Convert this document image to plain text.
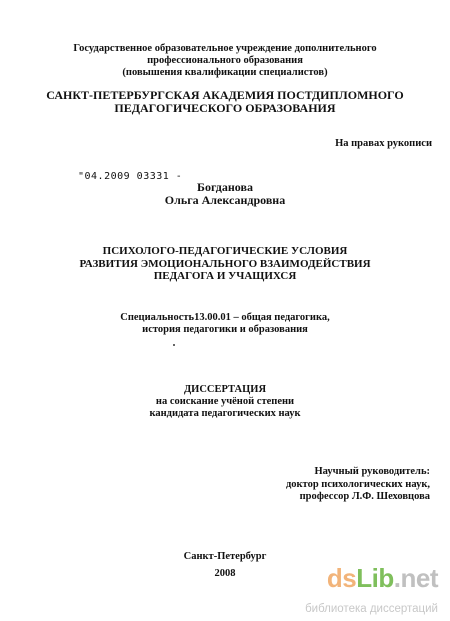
Государственное образовательное учреждение дополнительного
профессионального образования
(повышения квалификации специалистов)
САНКТ-ПЕТЕРБУРГСКАЯ АКАДЕМИЯ ПОСТДИПЛОМНОГО
ПЕДАГОГИЧЕСКОГО ОБРАЗОВАНИЯ
На правах рукописи
"04.2009 03331 -
Богданова
Ольга Александровна
ПСИХОЛОГО-ПЕДАГОГИЧЕСКИЕ УСЛОВИЯ
РАЗВИТИЯ ЭМОЦИОНАЛЬНОГО ВЗАИМОДЕЙСТВИЯ
ПЕДАГОГА И УЧАЩИХСЯ
Специальность13.00.01 – общая педагогика,
история педагогики и образования
ДИССЕРТАЦИЯ
на соискание учёной степени
кандидата педагогических наук
Научный руководитель:
доктор психологических наук,
профессор Л.Ф. Шеховцова
Санкт-Петербург
2008	dsLib.net
библиотека диссертаций
